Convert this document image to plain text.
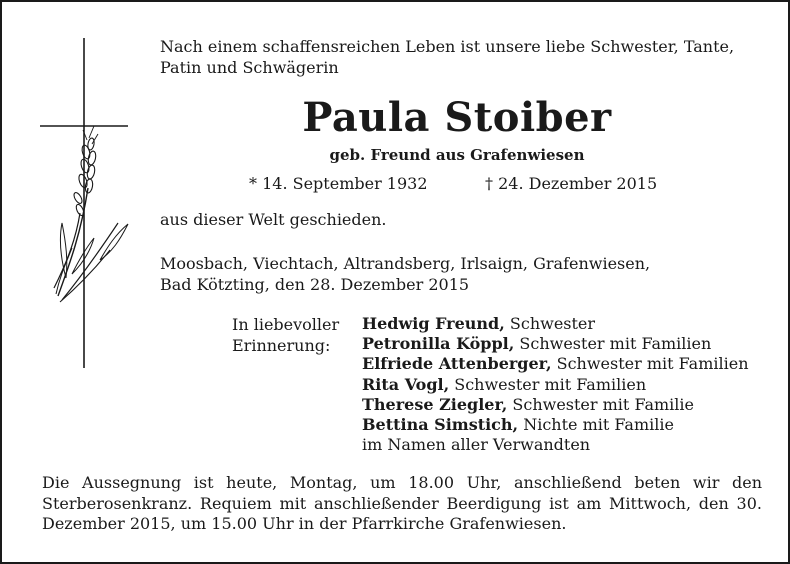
Nach einem schaffensreichen Leben ist unsere liebe Schwester, Tante,
Patin und Schwägerin
Paula Stoiber
geb. Freund aus Grafenwiesen
* 14. September 1932	† 24. Dezember 2015
aus dieser Welt geschieden.
Moosbach, Viechtach, Altrandsberg, Irlsaign, Grafenwiesen,
Bad Kötzting, den 28. Dezember 2015
In liebevoller
Erinnerung:
Hedwig Freund, Schwester
Petronilla Köppl, Schwester mit Familien
Elfriede Attenberger, Schwester mit Familien
Rita Vogl, Schwester mit Familien
Therese Ziegler, Schwester mit Familie
Bettina Simstich, Nichte mit Familie
im Namen aller Verwandten
Die Aussegnung ist heute, Montag, um 18.00 Uhr, anschließend beten wir den Sterberosenkranz. Requiem mit anschließender Beerdigung ist am Mittwoch, den 30. Dezember 2015, um 15.00 Uhr in der Pfarrkirche Grafenwiesen.
